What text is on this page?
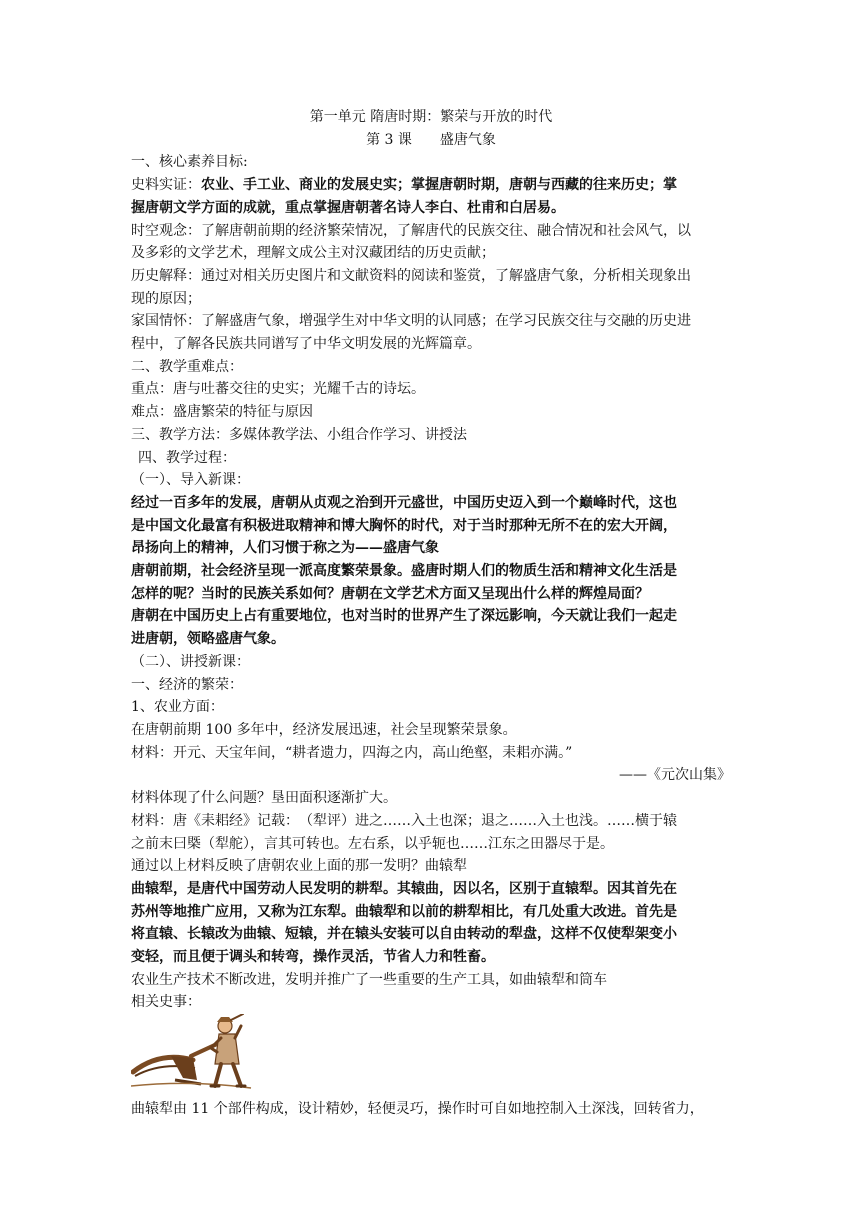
第一单元 隋唐时期：繁荣与开放的时代
第 3 课 盛唐气象
一、核心素养目标:
史料实证：农业、手工业、商业的发展史实；掌握唐朝时期，唐朝与西藏的往来历史；掌
握唐朝文学方面的成就，重点掌握唐朝著名诗人李白、杜甫和白居易。
时空观念：了解唐朝前期的经济繁荣情况，了解唐代的民族交往、融合情况和社会风气，以
及多彩的文学艺术，理解文成公主对汉藏团结的历史贡献；
历史解释：通过对相关历史图片和文献资料的阅读和鉴赏，了解盛唐气象，分析相关现象出
现的原因；
家国情怀：了解盛唐气象，增强学生对中华文明的认同感；在学习民族交往与交融的历史进
程中，了解各民族共同谱写了中华文明发展的光辉篇章。
二、教学重难点：
重点：唐与吐蕃交往的史实；光耀千古的诗坛。
难点：盛唐繁荣的特征与原因
三、教学方法：多媒体教学法、小组合作学习、讲授法
四、教学过程：
（一）、导入新课：
经过一百多年的发展，唐朝从贞观之治到开元盛世，中国历史迈入到一个巅峰时代，这也
是中国文化最富有积极进取精神和博大胸怀的时代，对于当时那种无所不在的宏大开阔，
昂扬向上的精神，人们习惯于称之为——盛唐气象
唐朝前期，社会经济呈现一派高度繁荣景象。盛唐时期人们的物质生活和精神文化生活是
怎样的呢？当时的民族关系如何？唐朝在文学艺术方面又呈现出什么样的辉煌局面？
唐朝在中国历史上占有重要地位，也对当时的世界产生了深远影响，今天就让我们一起走
进唐朝，领略盛唐气象。
（二）、讲授新课：
一、经济的繁荣：
1、农业方面：
在唐朝前期 100 多年中，经济发展迅速，社会呈现繁荣景象。
材料：开元、天宝年间，“耕者遗力，四海之内，高山绝壑，耒耜亦满。”
——《元次山集》
材料体现了什么问题？垦田面积逐渐扩大。
材料：唐《耒耜经》记载：　（犁评）进之……入土也深；退之……入土也浅。……横于辕
之前末曰槩（犁舵），言其可转也。左右系，以乎轭也……江东之田器尽于是。
通过以上材料反映了唐朝农业上面的那一发明？曲辕犁
曲辕犁，是唐代中国劳动人民发明的耕犁。其辕曲，因以名，区别于直辕犁。因其首先在
苏州等地推广应用，又称为江东犁。曲辕犁和以前的耕犁相比，有几处重大改进。首先是
将直辕、长辕改为曲辕、短辕，并在辕头安装可以自由转动的犁盘，这样不仅使犁架变小
变轻，而且便于调头和转弯，操作灵活，节省人力和牲畜。
农业生产技术不断改进，发明并推广了一些重要的生产工具，如曲辕犁和筒车
相关史事：
曲辕犁由 11 个部件构成，设计精妙，轻便灵巧，操作时可自如地控制入土深浅，回转省力，
